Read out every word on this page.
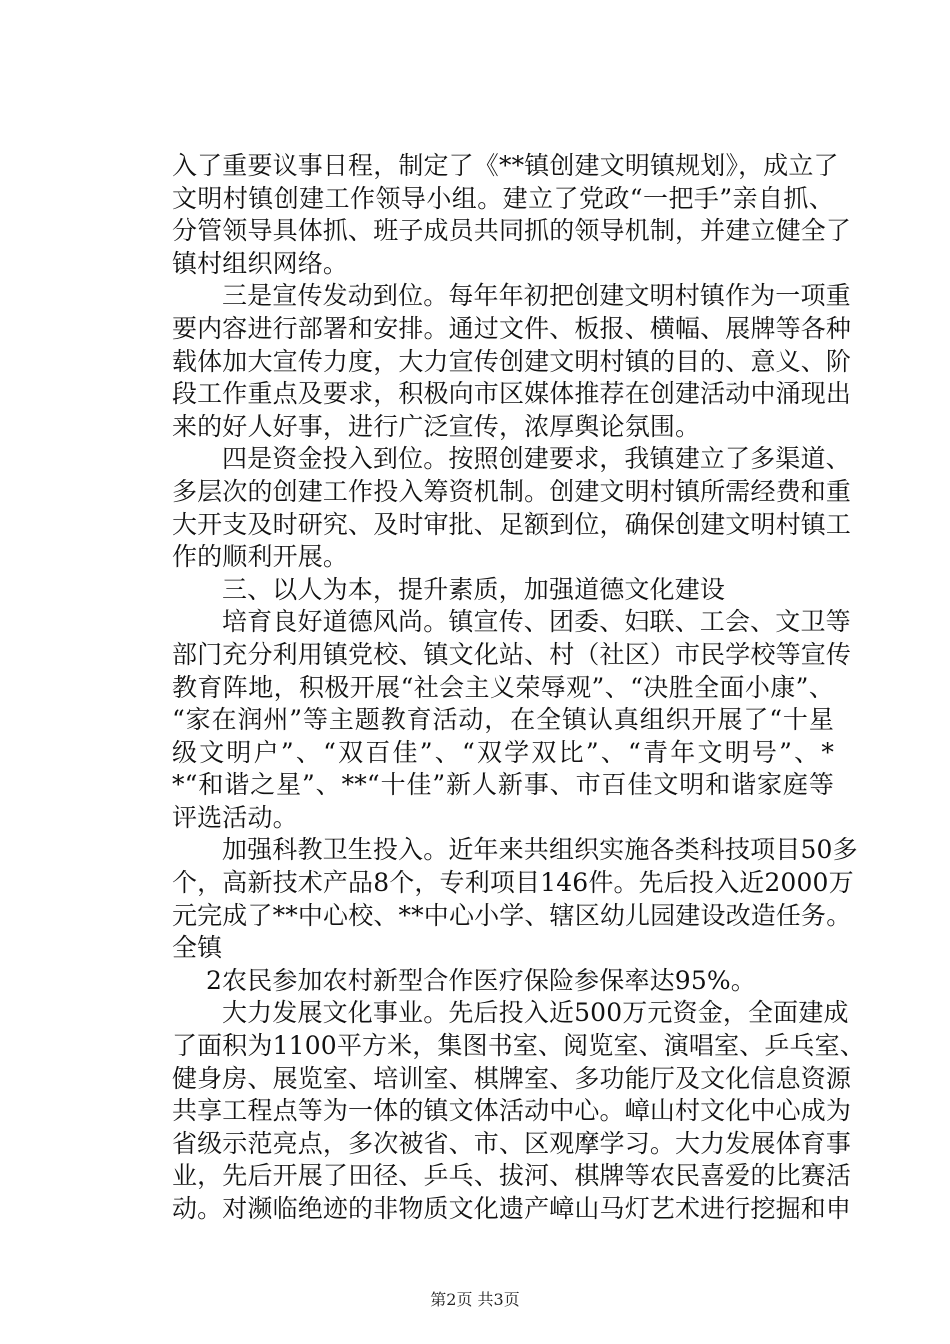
入了重要议事日程，制定了《**镇创建文明镇规划》，成立了
文明村镇创建工作领导小组。建立了党政“一把手”亲自抓、
分管领导具体抓、班子成员共同抓的领导机制，并建立健全了
镇村组织网络。
三是宣传发动到位。每年年初把创建文明村镇作为一项重
要内容进行部署和安排。通过文件、板报、横幅、展牌等各种
载体加大宣传力度，大力宣传创建文明村镇的目的、意义、阶
段工作重点及要求，积极向市区媒体推荐在创建活动中涌现出
来的好人好事，进行广泛宣传，浓厚舆论氛围。
四是资金投入到位。按照创建要求，我镇建立了多渠道、
多层次的创建工作投入筹资机制。创建文明村镇所需经费和重
大开支及时研究、及时审批、足额到位，确保创建文明村镇工
作的顺利开展。
三、以人为本，提升素质，加强道德文化建设
培育良好道德风尚。镇宣传、团委、妇联、工会、文卫等
部门充分利用镇党校、镇文化站、村（社区）市民学校等宣传
教育阵地，积极开展“社会主义荣辱观”、“决胜全面小康”、
“家在润州”等主题教育活动，在全镇认真组织开展了“十星
级文明户”、“双百佳”、“双学双比”、“青年文明号”、*
*“和谐之星”、**“十佳”新人新事、市百佳文明和谐家庭等
评选活动。
加强科教卫生投入。近年来共组织实施各类科技项目50多
个，高新技术产品8个，专利项目146件。先后投入近2000万
元完成了**中心校、**中心小学、辖区幼儿园建设改造任务。
全镇
2农民参加农村新型合作医疗保险参保率达95%。
大力发展文化事业。先后投入近500万元资金，全面建成
了面积为1100平方米，集图书室、阅览室、演唱室、乒乓室、
健身房、展览室、培训室、棋牌室、多功能厅及文化信息资源
共享工程点等为一体的镇文体活动中心。嶂山村文化中心成为
省级示范亮点，多次被省、市、区观摩学习。大力发展体育事
业，先后开展了田径、乒乓、拔河、棋牌等农民喜爱的比赛活
动。对濒临绝迹的非物质文化遗产嶂山马灯艺术进行挖掘和申
第2页 共3页
